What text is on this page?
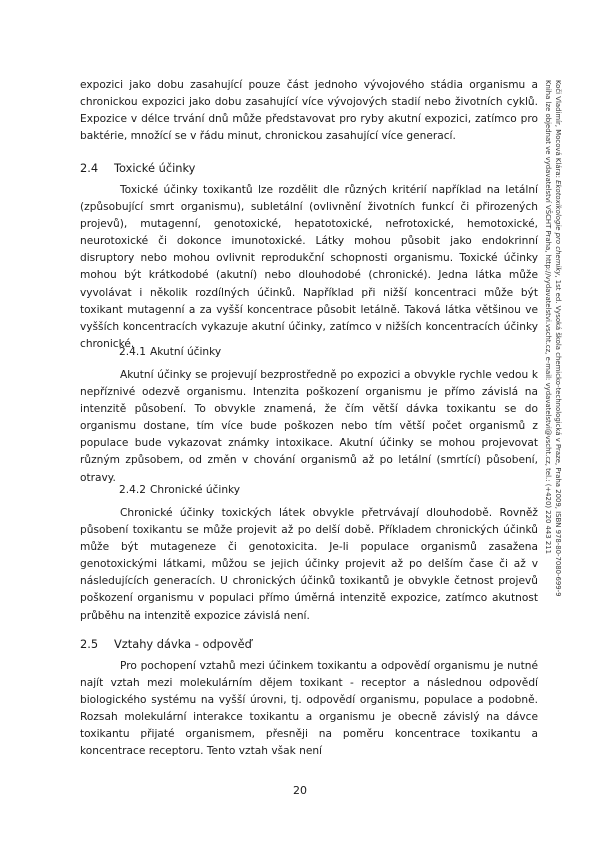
Koči Vladimír, Mocová Klára: Ekotoxikologie pro chemiky, 1st ed. Vysoká škola chemicko-technologická v Praze, Praha 2009, ISBN 978-80-7080-699-9
Kniha lze objednat ve vydavatelství VŠCHT Praha, http://vydavatelstvi.vscht.cz, e-mail: vydavatelstvi@vscht.cz, tel.: (+420) 220 443 211

expozici jako dobu zasahující pouze část jednoho vývojového stádia organismu a chronickou expozici jako dobu zasahující více vývojových stadií nebo životních cyklů. Expozice v délce trvání dnů může představovat pro ryby akutní expozici, zatímco pro baktérie, množící se v řádu minut, chronickou zasahující více generací.

2.4 Toxické účinky

Toxické účinky toxikantů lze rozdělit dle různých kritérií například na letální (způsobující smrt organismu), subletální (ovlivnění životních funkcí či přirozených projevů), mutagenní, genotoxické, hepatotoxické, nefrotoxické, hemotoxické, neurotoxické či dokonce imunotoxické. Látky mohou působit jako endokrinní disruptory nebo mohou ovlivnit reprodukční schopnosti organismu. Toxické účinky mohou být krátkodobé (akutní) nebo dlouhodobé (chronické). Jedna látka může vyvolávat i několik rozdílných účinků. Například při nižší koncentraci může být toxikant mutagenní a za vyšší koncentrace působit letálně. Taková látka většinou ve vyšších koncentracích vykazuje akutní účinky, zatímco v nižších koncentracích účinky chronické.

2.4.1 Akutní účinky

Akutní účinky se projevují bezprostředně po expozici a obvykle rychle vedou k nepříznivé odezvě organismu. Intenzita poškození organismu je přímo závislá na intenzitě působení. To obvykle znamená, že čím větší dávka toxikantu se do organismu dostane, tím více bude poškozen nebo tím větší počet organismů z populace bude vykazovat známky intoxikace. Akutní účinky se mohou projevovat různým způsobem, od změn v chování organismů až po letální (smrtící) působení, otravy.

2.4.2 Chronické účinky

Chronické účinky toxických látek obvykle přetrvávají dlouhodobě. Rovněž působení toxikantu se může projevit až po delší době. Příkladem chronických účinků může být mutageneze či genotoxicita. Je-li populace organismů zasažena genotoxickými látkami, můžou se jejich účinky projevit až po delším čase či až v následujících generacích. U chronických účinků toxikantů je obvykle četnost projevů poškození organismu v populaci přímo úměrná intenzitě expozice, zatímco akutnost průběhu na intenzitě expozice závislá není.

2.5 Vztahy dávka - odpověď

Pro pochopení vztahů mezi účinkem toxikantu a odpovědí organismu je nutné najít vztah mezi molekulárním dějem toxikant - receptor a následnou odpovědí biologického systému na vyšší úrovni, tj. odpovědí organismu, populace a podobně. Rozsah molekulární interakce toxikantu a organismu je obecně závislý na dávce toxikantu přijaté organismem, přesněji na poměru koncentrace toxikantu a koncentrace receptoru. Tento vztah však není

20
